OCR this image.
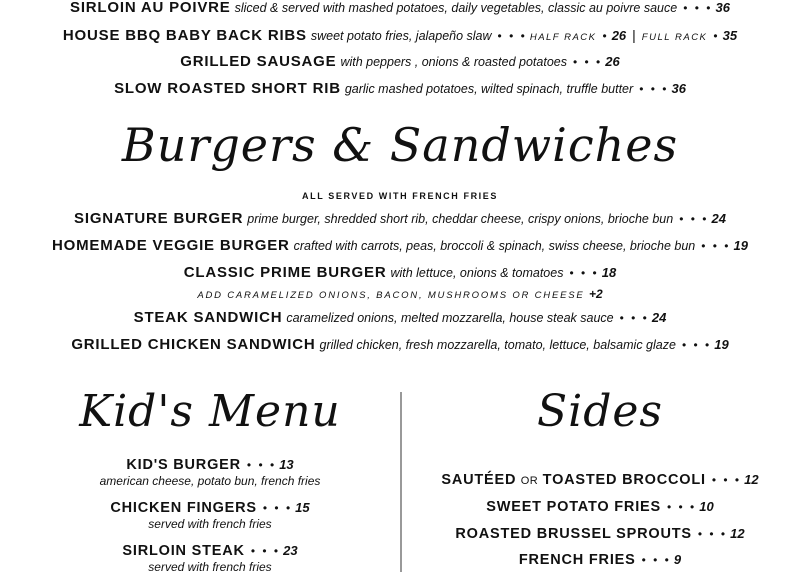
SIRLOIN AU POIVRE sliced & served with mashed potatoes, daily vegetables, classic au poivre sauce • • • 36
HOUSE BBQ BABY BACK RIBS sweet potato fries, jalapeño slaw • • • HALF RACK • 26 | FULL RACK • 35
GRILLED SAUSAGE with peppers , onions & roasted potatoes • • • 26
SLOW ROASTED SHORT RIB garlic mashed potatoes, wilted spinach, truffle butter • • • 36
Burgers & Sandwiches
ALL SERVED WITH FRENCH FRIES
SIGNATURE BURGER prime burger, shredded short rib, cheddar cheese, crispy onions, brioche bun • • • 24
HOMEMADE VEGGIE BURGER crafted with carrots, peas, broccoli & spinach, swiss cheese, brioche bun • • • 19
CLASSIC PRIME BURGER with lettuce, onions & tomatoes • • • 18
ADD CARAMELIZED ONIONS, BACON, MUSHROOMS OR CHEESE +2
STEAK SANDWICH caramelized onions, melted mozzarella, house steak sauce • • • 24
GRILLED CHICKEN SANDWICH grilled chicken, fresh mozzarella, tomato, lettuce, balsamic glaze • • • 19
Kid's Menu
KID'S BURGER • • • 13
american cheese, potato bun, french fries
CHICKEN FINGERS • • • 15
served with french fries
SIRLOIN STEAK • • • 23
served with french fries
Sides
SAUTÉED OR TOASTED BROCCOLI • • • 12
SWEET POTATO FRIES • • • 10
ROASTED BRUSSEL SPROUTS • • • 12
FRENCH FRIES • • • 9
